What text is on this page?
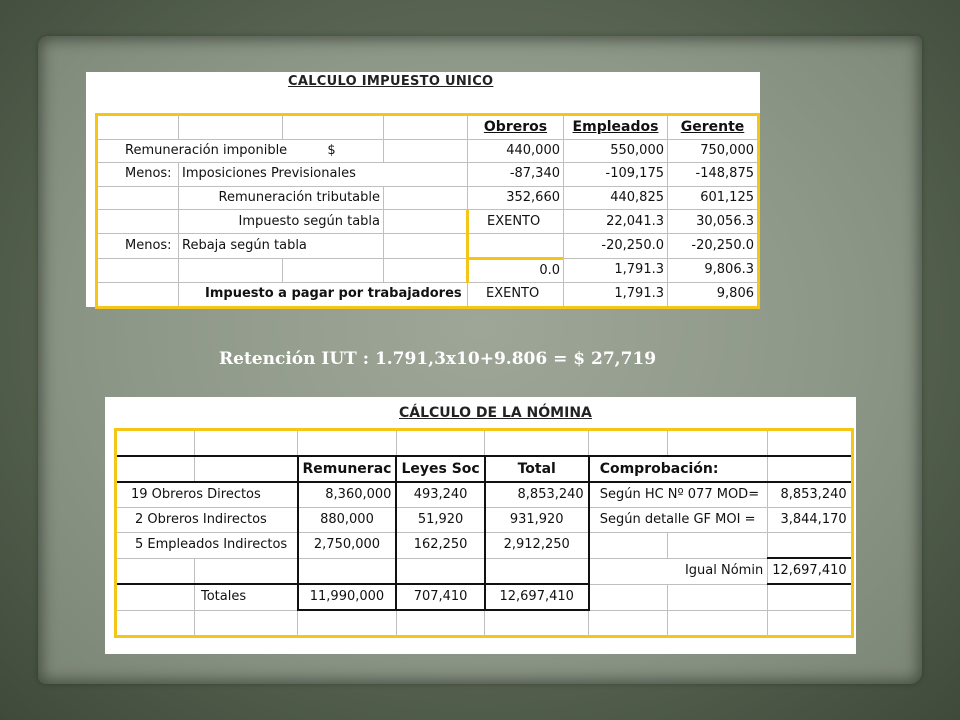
CALCULO IMPUESTO UNICO
				Obreros	Empleados	Gerente
Remuneración imponible $				440,000	550,000	750,000
Menos:	Imposiciones Previsionales			-87,340	-109,175	-148,875
	Remuneración tributable			352,660	440,825	601,125
	Impuesto según tabla			EXENTO	22,041.3	30,056.3
Menos:	Rebaja según tabla				-20,250.0	-20,250.0
				0.0	1,791.3	9,806.3
	Impuesto a pagar por trabajadores			EXENTO	1,791.3	9,806
Retención IUT : 1.791,3x10+9.806 = $ 27,719
CÁLCULO DE LA NÓMINA

		Remunerac	Leyes Soc	Total	Comprobación:		
19 Obreros Directos		8,360,000	493,240	8,853,240	Según HC Nº 077 MOD=		8,853,240
2 Obreros Indirectos		880,000	51,920	931,920	Según detalle GF MOI =		3,844,170
5 Empleados Indirectos		2,750,000	162,250	2,912,250			
					Igual Nómin		12,697,410
	Totales	11,990,000	707,410	12,697,410			
